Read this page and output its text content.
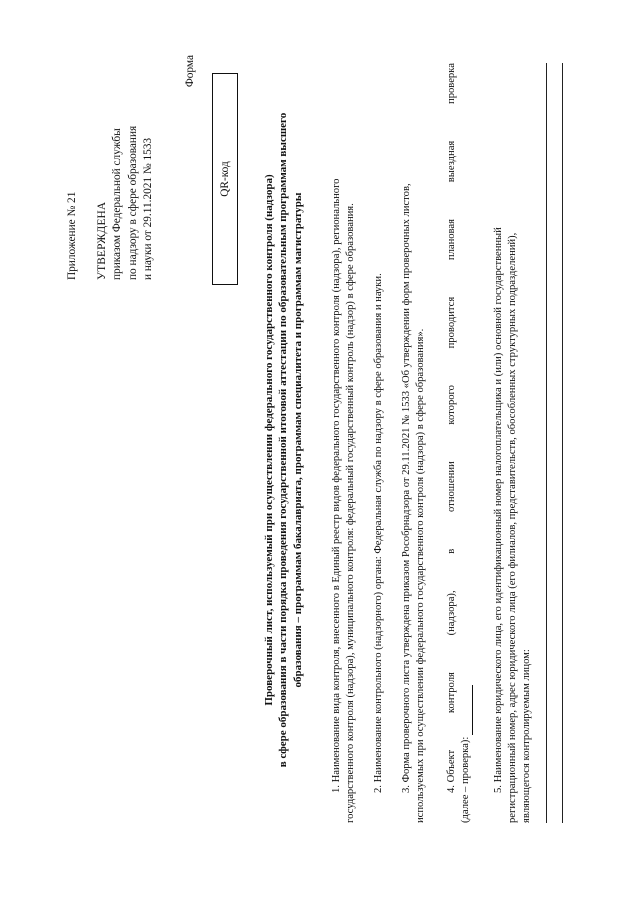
Приложение № 21 УТВЕРЖДЕНА приказом Федеральной службы по надзору в сфере образования и науки от 29.11.2021 № 1533
Форма
QR-код	Проверочный лист, используемый при осуществлении федерального государственного контроля (надзора) в сфере образования в части порядка проведения государственной итоговой аттестации по образовательным программам высшего образования – программам бакалавриата, программам специалитета и программам магистратуры	1. Наименование вида контроля, внесенного в Единый реестр видов федерального государственного контроля (надзора), регионального государственного контроля (надзора), муниципального контроля: федеральный государственный контроль (надзор) в сфере образования. 2. Наименование контрольного (надзорного) органа: Федеральная служба по надзору в сфере образования и науки. 3. Форма проверочного листа утверждена приказом Рособрнадзора от 29.11.2021 № 1533 «Об утверждении форм проверочных листов, используемых при осуществлении федерального государственного контроля (надзора) в сфере образования». 4. Объект
контроля
(надзора),
в
отношении
которого
проводится
плановая
выездная
проверка
(далее – проверка): 5. Наименование юридического лица, его идентификационный номер налогоплательщика и (или) основной государственный регистрационный номер, адрес юридического лица (его филиалов, представительств, обособленных структурных подразделений), являющегося контролируемым лицом:
